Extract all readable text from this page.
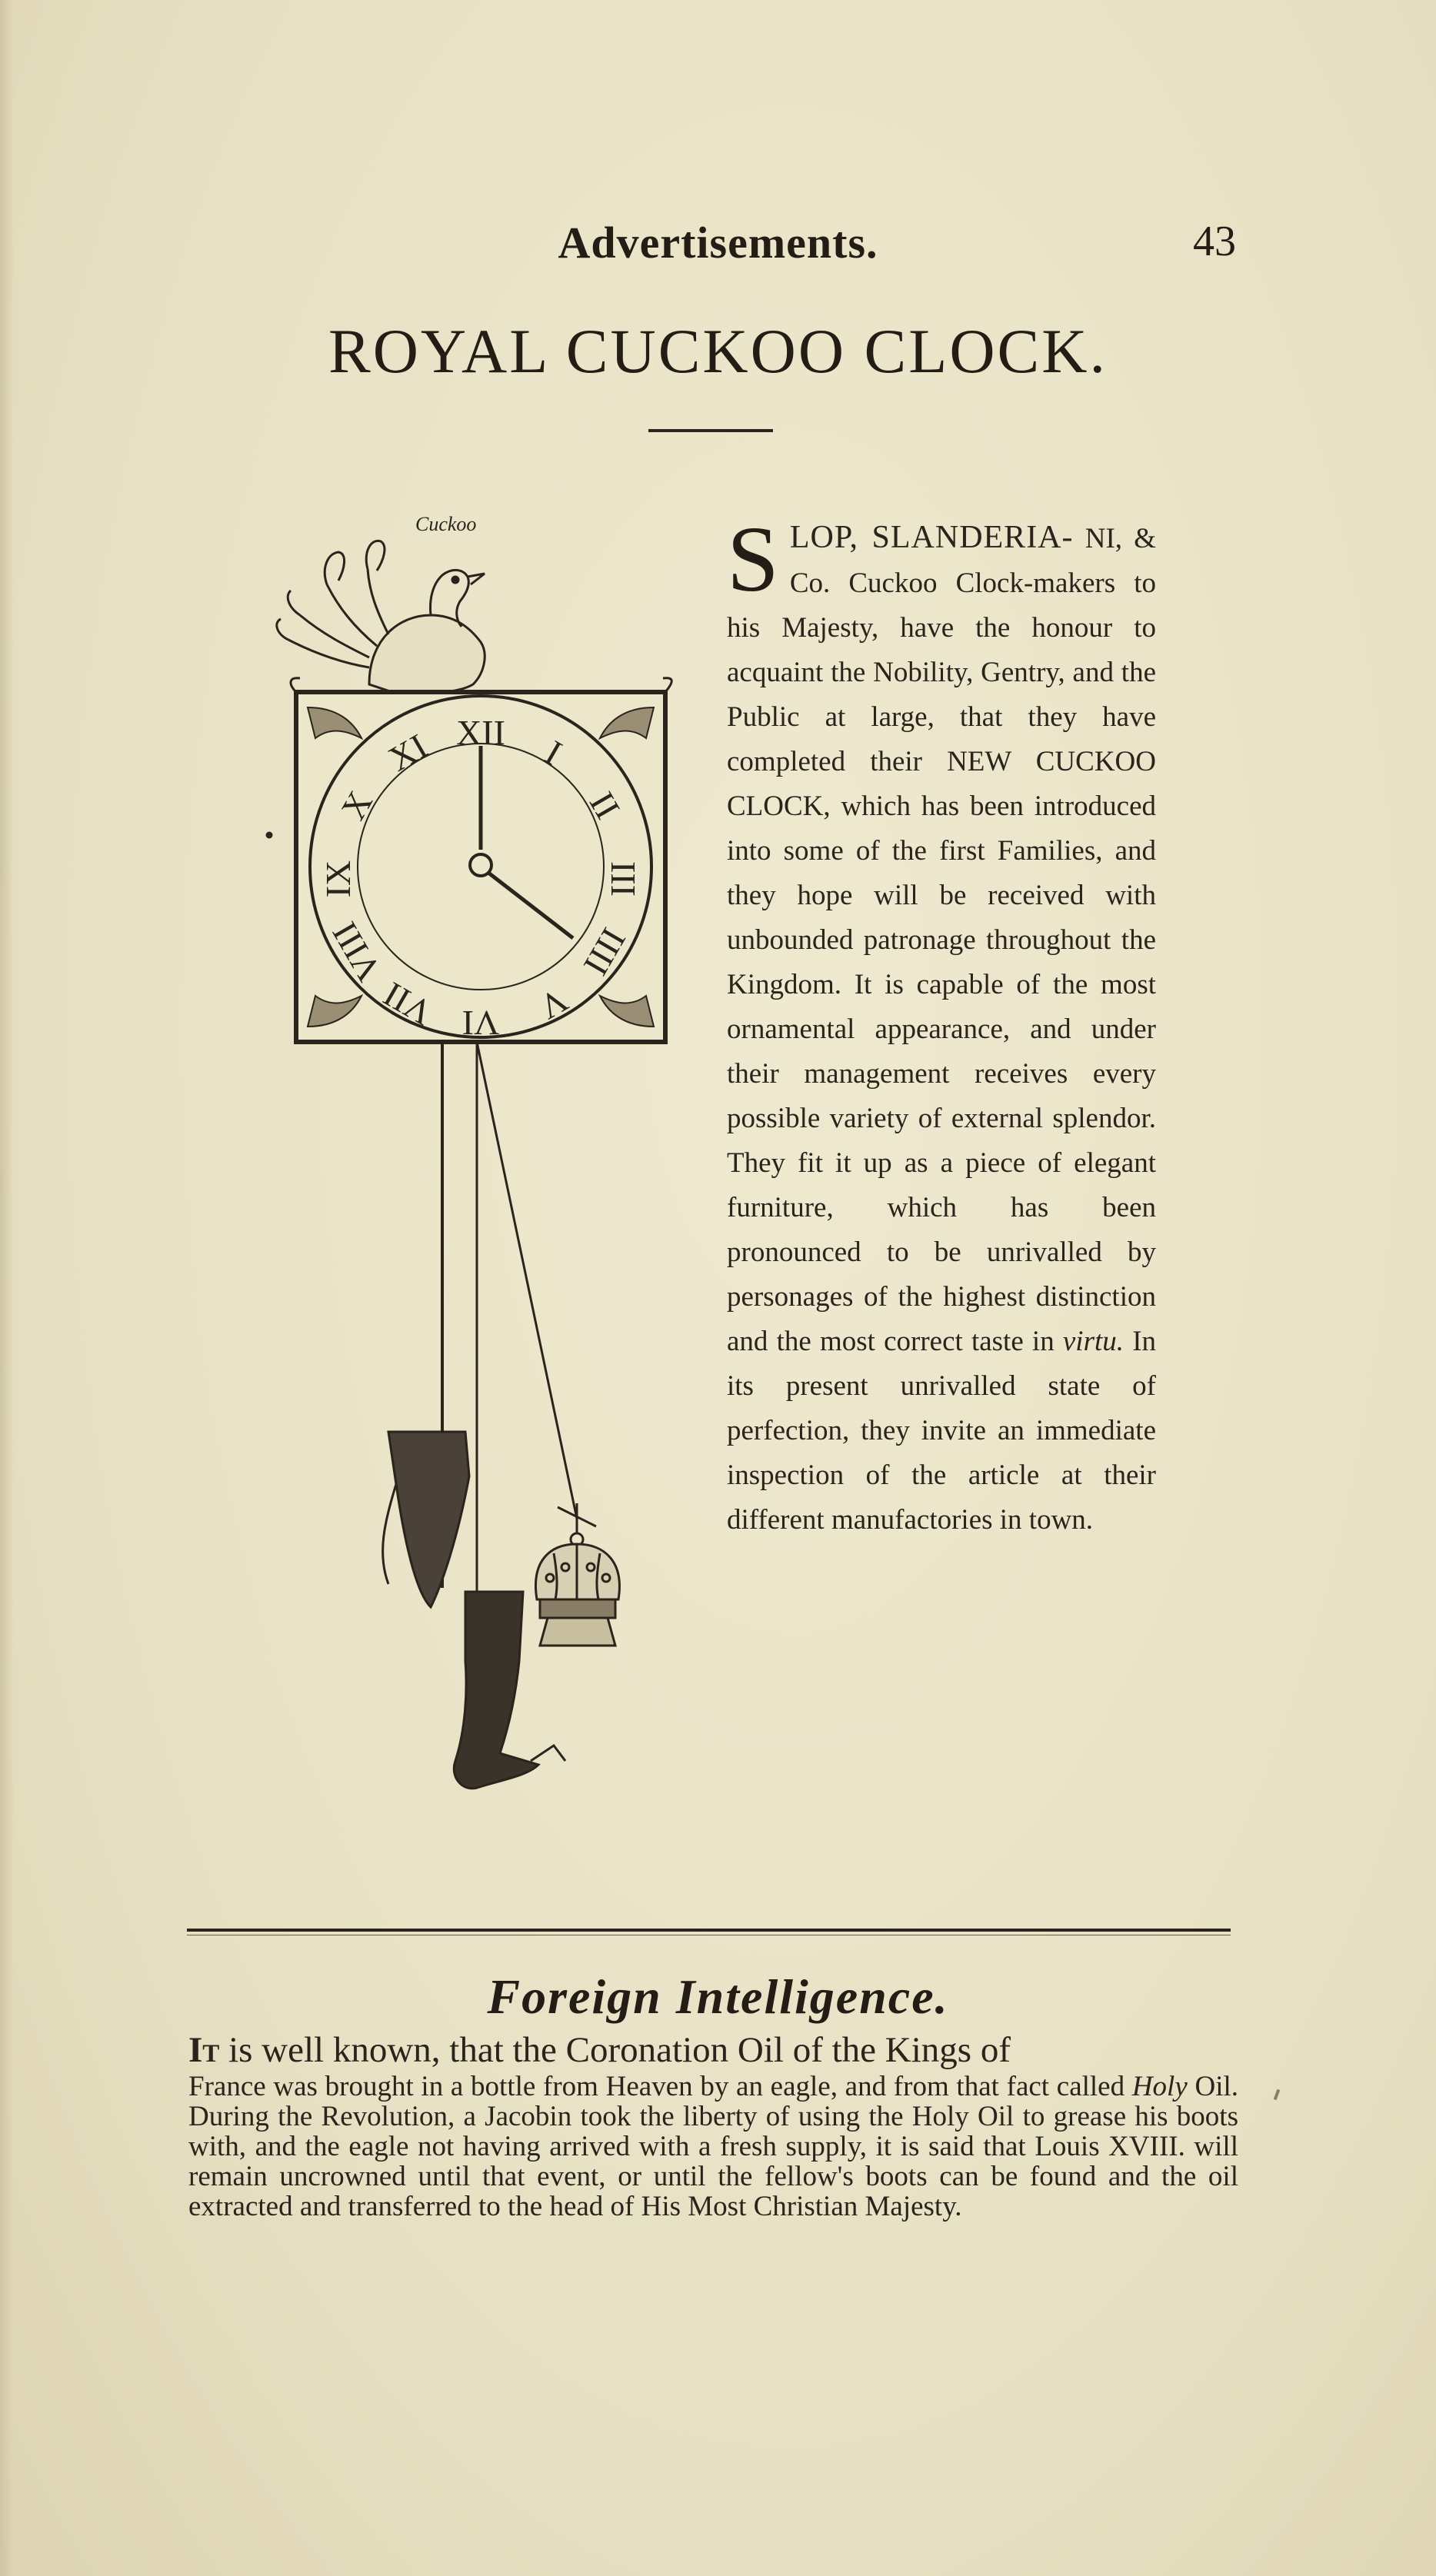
Advertisements.	43
ROYAL CUCKOO CLOCK.
Cuckoo
XII
I
II
III
IIII
V
VI
VII
VIII
IX
X
XI
SLOP, SLANDERIA- NI, & Co. Cuckoo Clock-makers to his Majesty, have the honour to acquaint the Nobility, Gentry, and the Public at large, that they have completed their NEW CUCKOO CLOCK, which has been introduced into some of the first Families, and they hope will be received with unbounded patronage throughout the Kingdom. It is capable of the most ornamental appearance, and under their management receives every possible variety of external splendor. They fit it up as a piece of elegant furniture, which has been pronounced to be unrivalled by personages of the highest distinction and the most correct taste in virtu. In its present unrivalled state of perfection, they invite an immediate inspection of the article at their different manufactories in town.
Foreign Intelligence.
It is well known, that the Coronation Oil of the Kings of
France was brought in a bottle from Heaven by an eagle, and from that fact called Holy Oil. During the Revolution, a Jacobin took the liberty of using the Holy Oil to grease his boots with, and the eagle not having arrived with a fresh supply, it is said that Louis XVIII. will remain uncrowned until that event, or until the fellow's boots can be found and the oil extracted and transferred to the head of His Most Christian Majesty.
